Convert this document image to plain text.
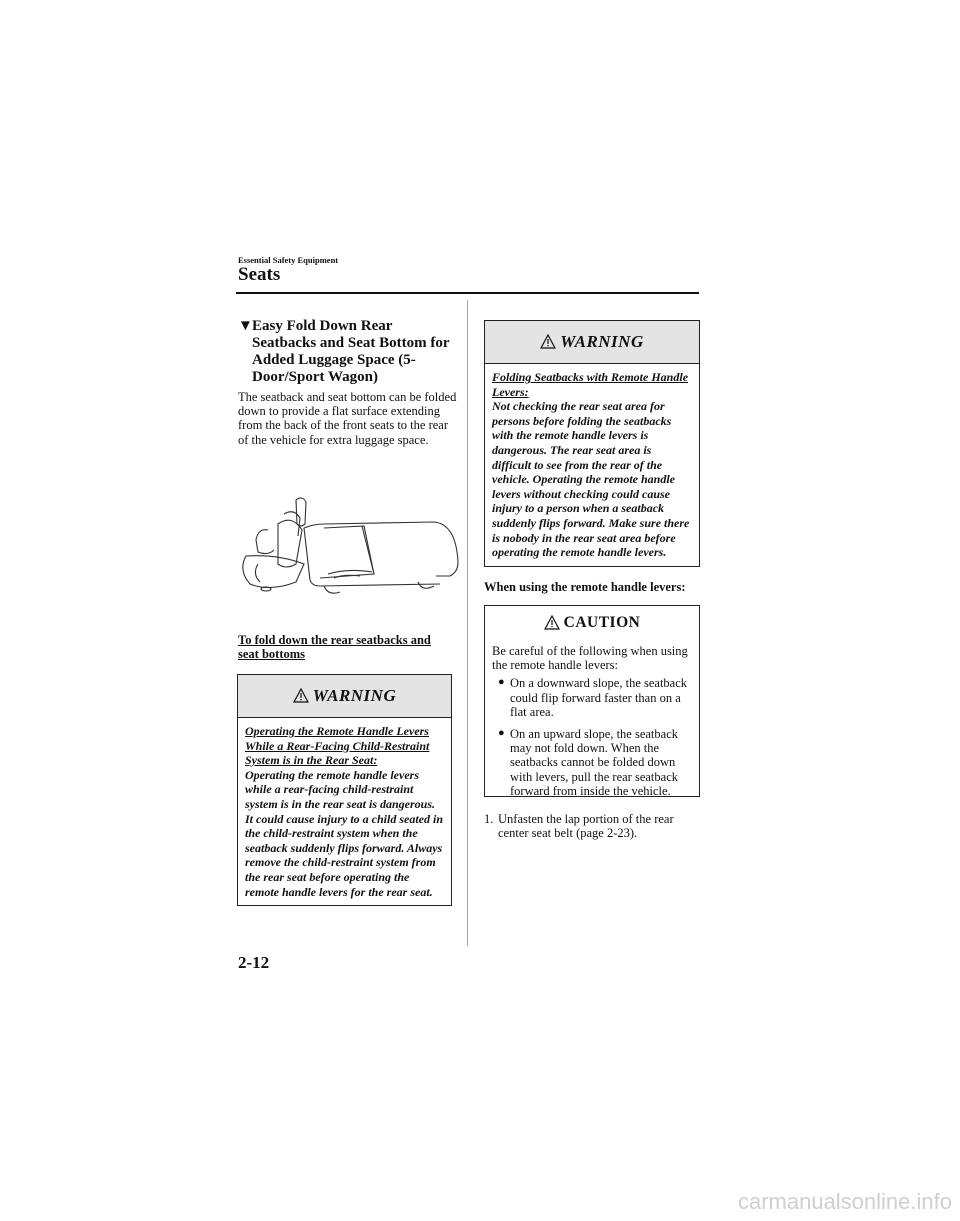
Essential Safety Equipment
Seats
▼ Easy Fold Down Rear Seatbacks and Seat Bottom for Added Luggage Space (5-Door/Sport Wagon)
The seatback and seat bottom can be folded down to provide a flat surface extending from the back of the front seats to the rear of the vehicle for extra luggage space.
To fold down the rear seatbacks and seat bottoms
WARNING
Operating the Remote Handle Levers While a Rear-Facing Child-Restraint System is in the Rear Seat:
Operating the remote handle levers while a rear-facing child-restraint system is in the rear seat is dangerous. It could cause injury to a child seated in the child-restraint system when the seatback suddenly flips forward. Always remove the child-restraint system from the rear seat before operating the remote handle levers for the rear seat.
WARNING
Folding Seatbacks with Remote Handle Levers:
Not checking the rear seat area for persons before folding the seatbacks with the remote handle levers is dangerous. The rear seat area is difficult to see from the rear of the vehicle. Operating the remote handle levers without checking could cause injury to a person when a seatback suddenly flips forward. Make sure there is nobody in the rear seat area before operating the remote handle levers.
When using the remote handle levers:
CAUTION
Be careful of the following when using the remote handle levers:
● On a downward slope, the seatback could flip forward faster than on a flat area.
● On an upward slope, the seatback may not fold down. When the seatbacks cannot be folded down with levers, pull the rear seatback forward from inside the vehicle.
1. Unfasten the lap portion of the rear center seat belt (page 2-23).
2-12
carmanualsonline.info
